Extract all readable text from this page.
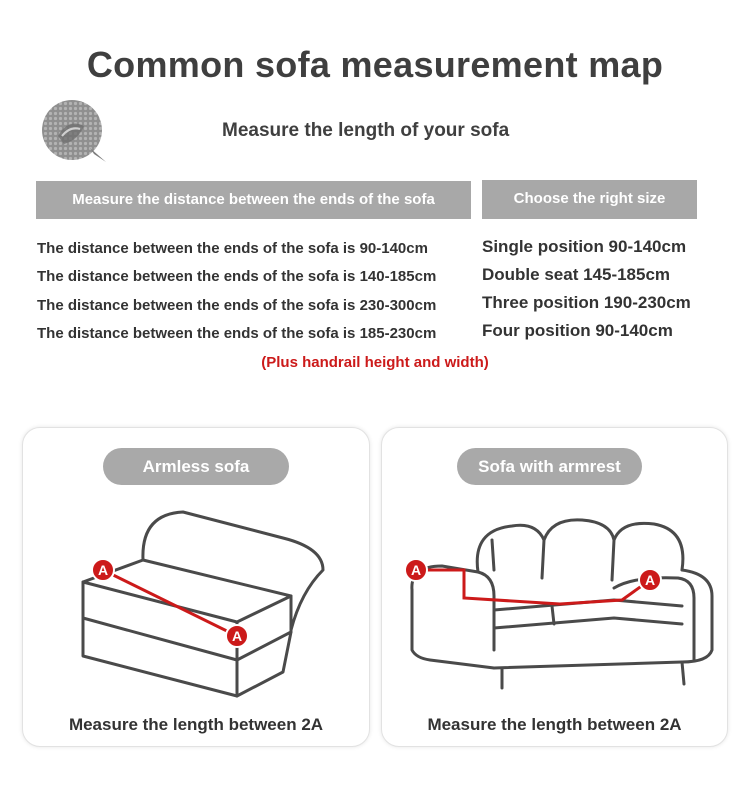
Common sofa measurement map
Measure the length of your sofa
Measure the distance between the ends of the sofa	Choose the right size
The distance between the ends of the sofa is 90-140cm
The distance between the ends of the sofa is 140-185cm
The distance between the ends of the sofa is 230-300cm
The distance between the ends of the sofa is 185-230cm
Single position 90-140cm
Double seat 145-185cm
Three position 190-230cm
Four position 90-140cm
(Plus handrail height and width)
Armless sofa
A
A
Measure the length between 2A
Sofa with armrest
A
A
Measure the length between 2A
